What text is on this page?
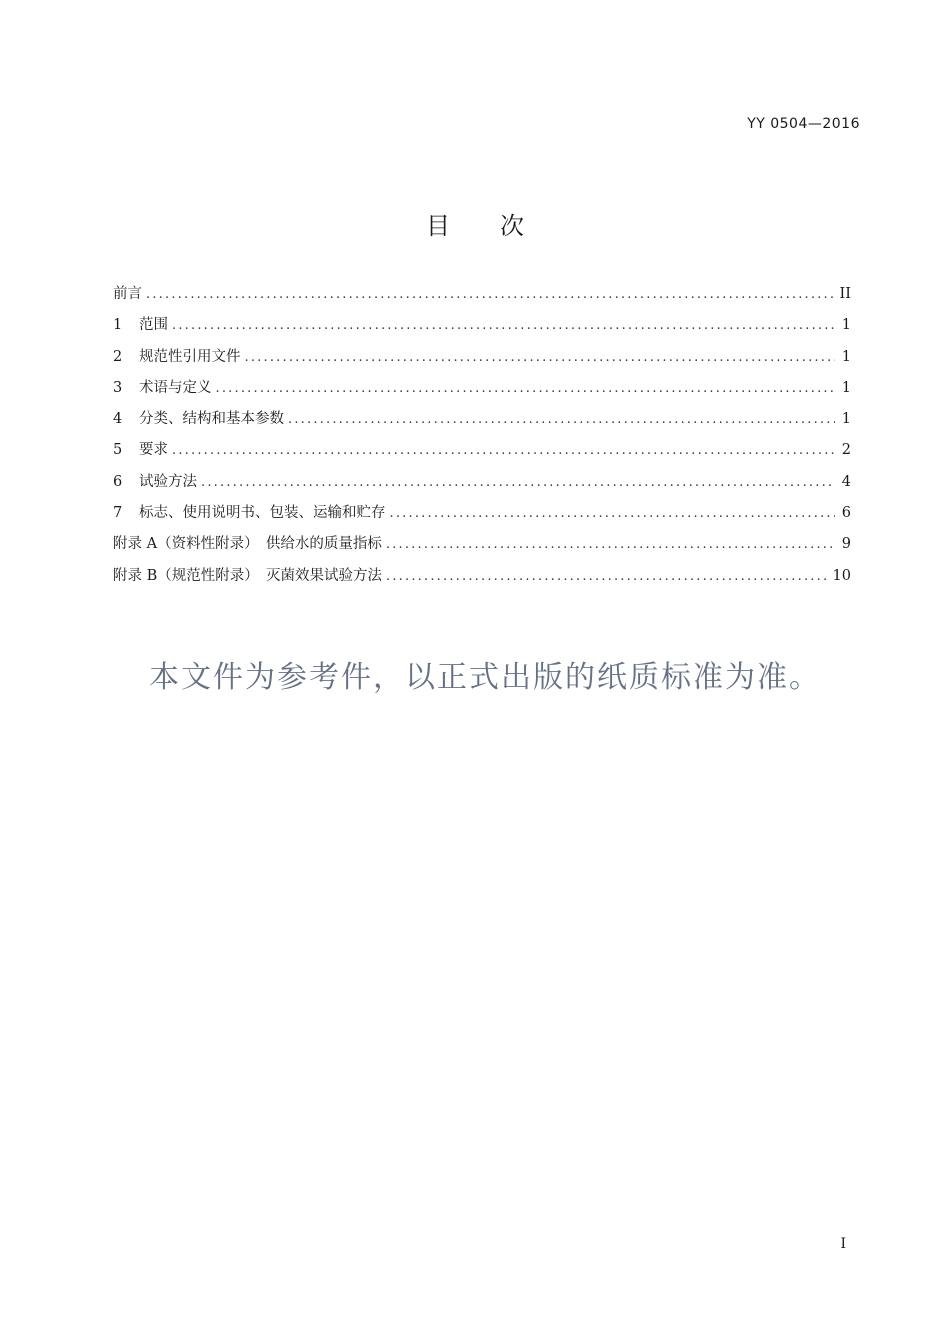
YY 0504—2016
目次
前言 .....	II
1	范围 .....	1
2	规范性引用文件 .....	1
3	术语与定义 .....	1
4	分类、结构和基本参数 .....	1
5	要求 .....	2
6	试验方法 .....	4
7	标志、使用说明书、包装、运输和贮存 .....	6
附录 A（资料性附录）　供给水的质量指标 .....	9
附录 B（规范性附录）　灭菌效果试验方法 .....	10
本文件为参考件，以正式出版的纸质标准为准。
I
